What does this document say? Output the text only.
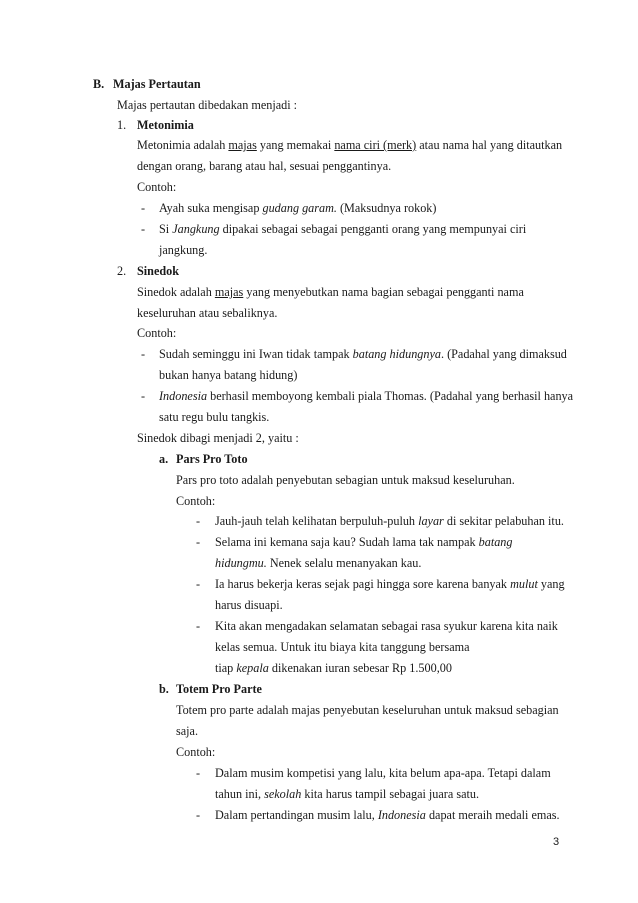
B. Majas Pertautan
Majas pertautan dibedakan menjadi :
1. Metonimia
Metonimia adalah majas yang memakai nama ciri (merk) atau nama hal yang ditautkan
dengan orang, barang atau hal, sesuai penggantinya.
Contoh:
- Ayah suka mengisap gudang garam. (Maksudnya rokok)
- Si Jangkung dipakai sebagai sebagai pengganti orang yang mempunyai ciri
jangkung.
2. Sinedok
Sinedok adalah majas yang menyebutkan nama bagian sebagai pengganti nama
keseluruhan atau sebaliknya.
Contoh:
- Sudah seminggu ini Iwan tidak tampak batang hidungnya. (Padahal yang dimaksud
bukan hanya batang hidung)
- Indonesia berhasil memboyong kembali piala Thomas. (Padahal yang berhasil hanya
satu regu bulu tangkis.
Sinedok dibagi menjadi 2, yaitu :
a. Pars Pro Toto
Pars pro toto adalah penyebutan sebagian untuk maksud keseluruhan.
Contoh:
- Jauh-jauh telah kelihatan berpuluh-puluh layar di sekitar pelabuhan itu.
- Selama ini kemana saja kau? Sudah lama tak nampak batang
hidungmu. Nenek selalu menanyakan kau.
- Ia harus bekerja keras sejak pagi hingga sore karena banyak mulut yang
harus disuapi.
- Kita akan mengadakan selamatan sebagai rasa syukur karena kita naik
kelas semua. Untuk itu biaya kita tanggung bersama
tiap kepala dikenakan iuran sebesar Rp 1.500,00
b. Totem Pro Parte
Totem pro parte adalah majas penyebutan keseluruhan untuk maksud sebagian
saja.
Contoh:
- Dalam musim kompetisi yang lalu, kita belum apa-apa. Tetapi dalam
tahun ini, sekolah kita harus tampil sebagai juara satu.
- Dalam pertandingan musim lalu, Indonesia dapat meraih medali emas.
3
